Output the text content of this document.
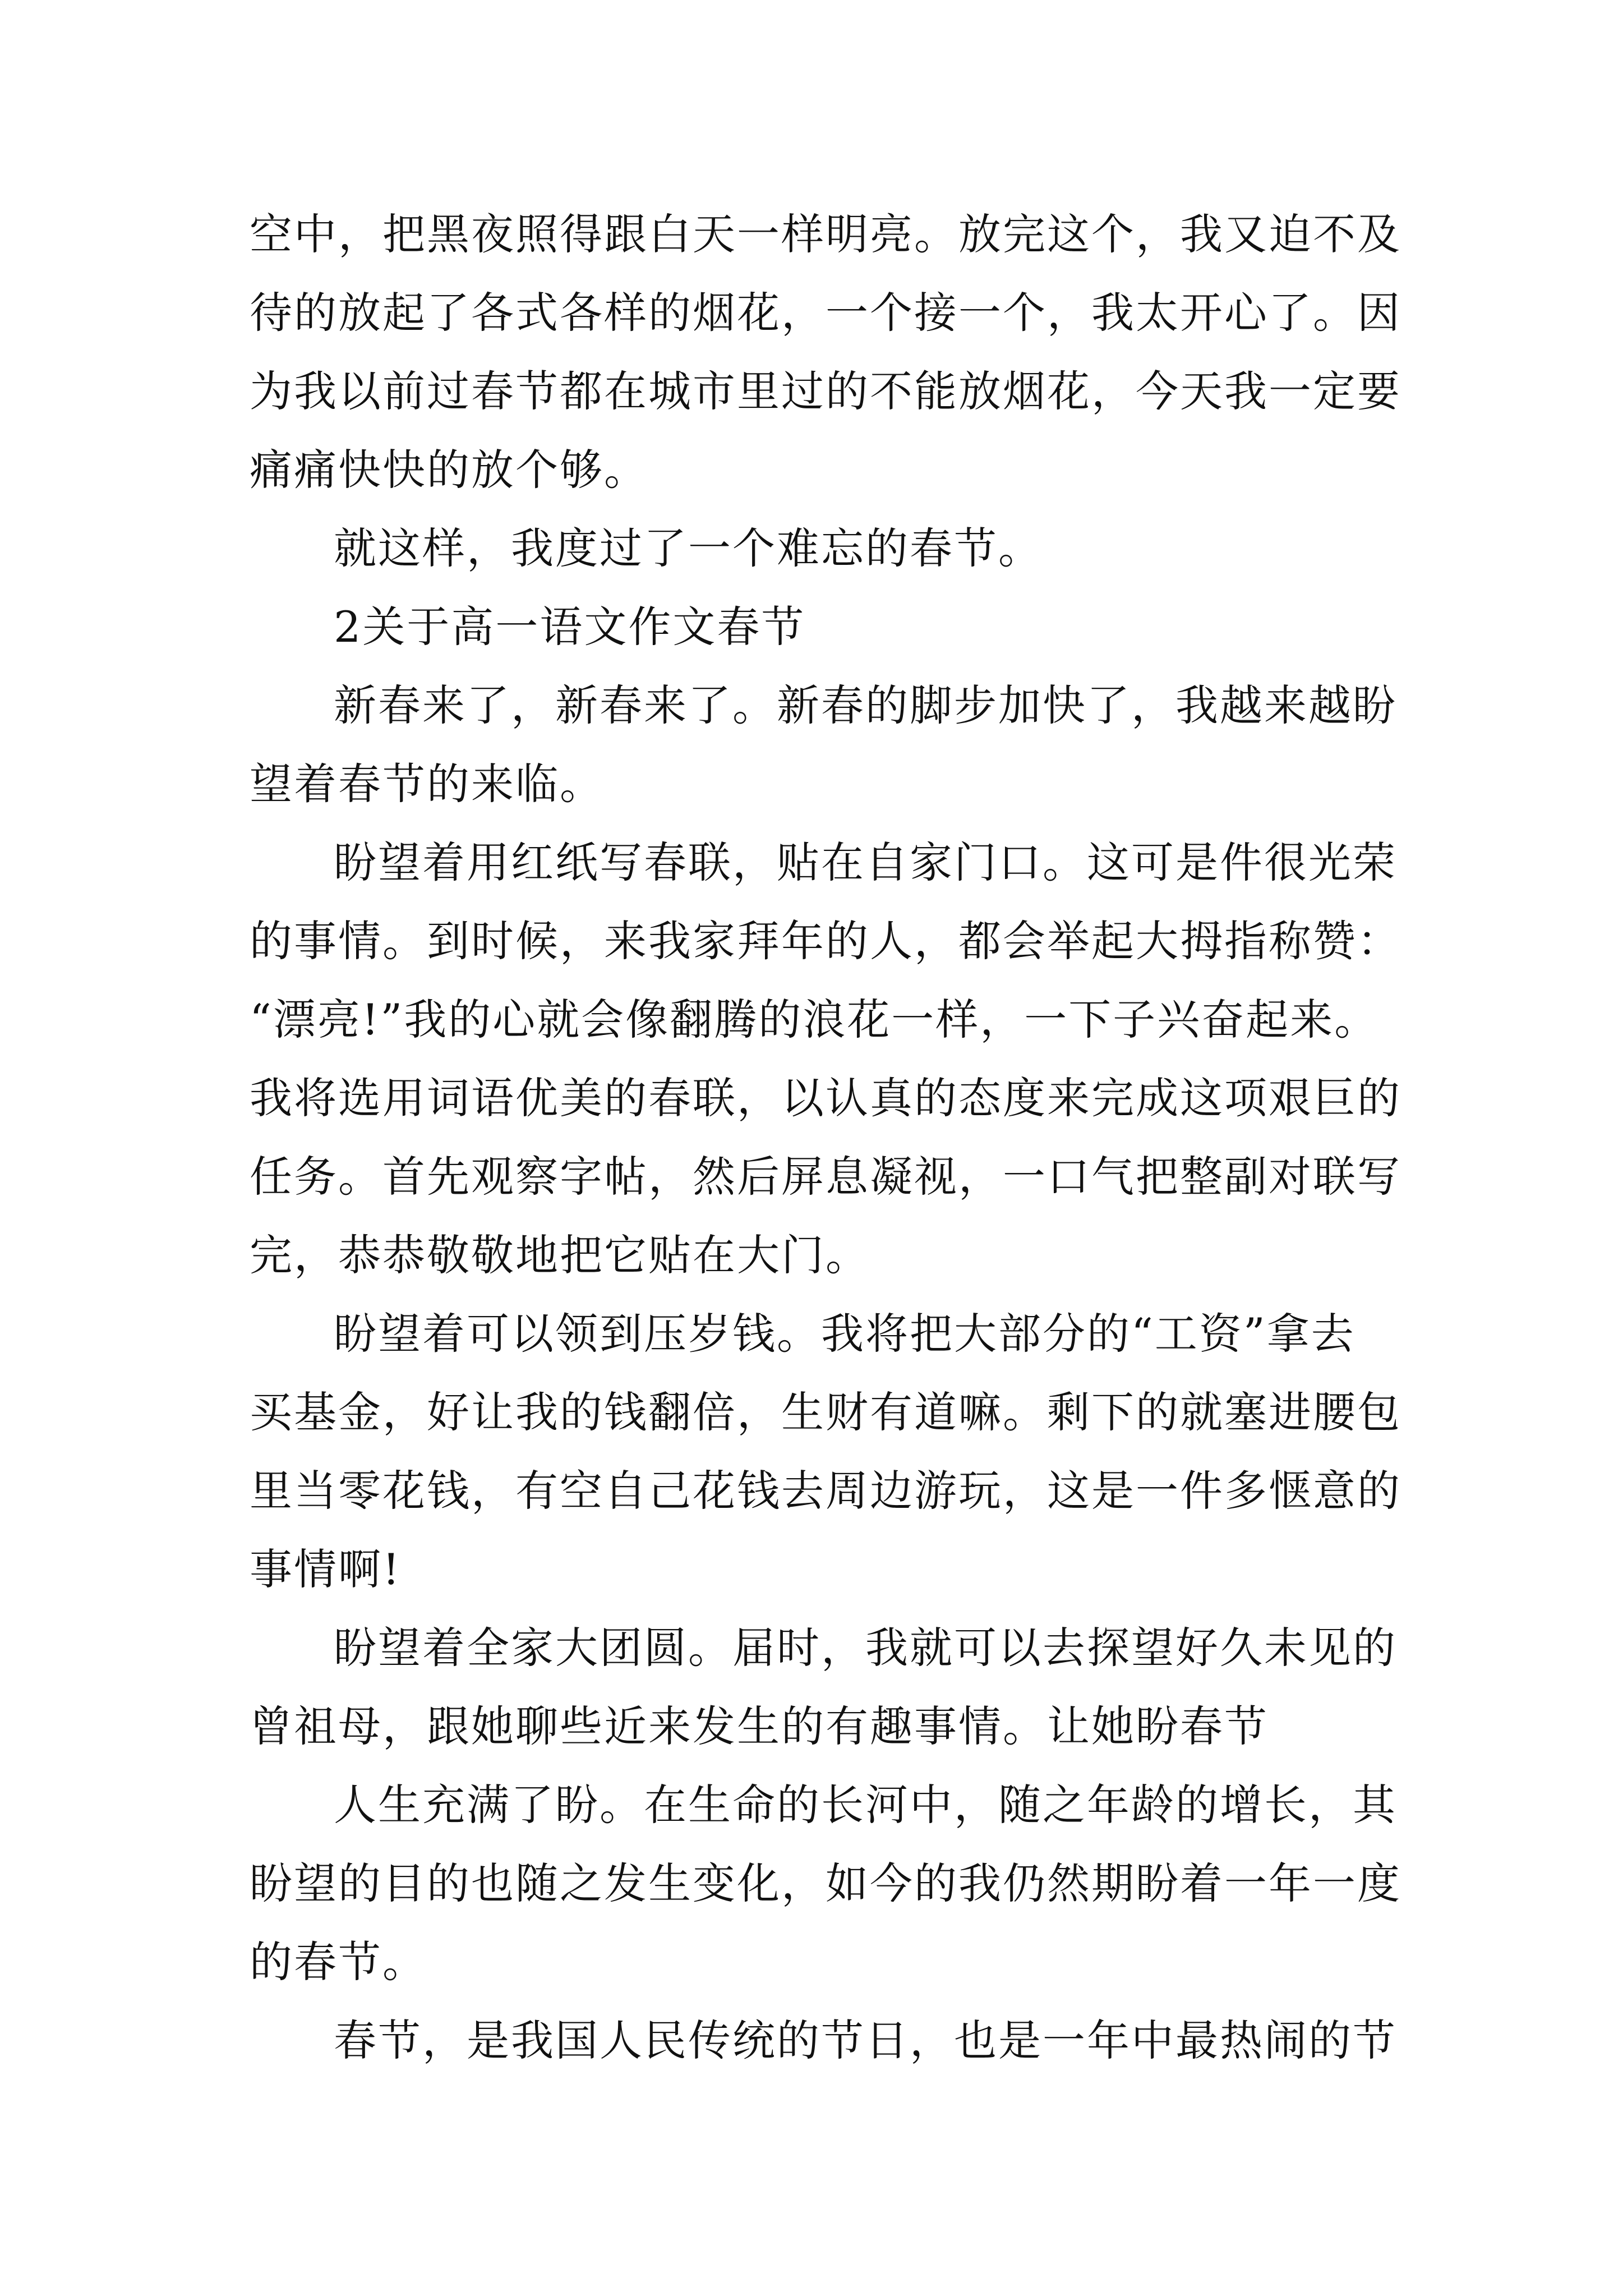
空中，把黑夜照得跟白天一样明亮。放完这个，我又迫不及
待的放起了各式各样的烟花，一个接一个，我太开心了。因
为我以前过春节都在城市里过的不能放烟花，今天我一定要
痛痛快快的放个够。
就这样，我度过了一个难忘的春节。
2关于高一语文作文春节
新春来了，新春来了。新春的脚步加快了，我越来越盼
望着春节的来临。
盼望着用红纸写春联，贴在自家门口。这可是件很光荣
的事情。到时候，来我家拜年的人，都会举起大拇指称赞：
“漂亮!”我的心就会像翻腾的浪花一样，一下子兴奋起来。
我将选用词语优美的春联，以认真的态度来完成这项艰巨的
任务。首先观察字帖，然后屏息凝视，一口气把整副对联写
完，恭恭敬敬地把它贴在大门。
盼望着可以领到压岁钱。我将把大部分的“工资”拿去
买基金，好让我的钱翻倍，生财有道嘛。剩下的就塞进腰包
里当零花钱，有空自己花钱去周边游玩，这是一件多惬意的
事情啊!
盼望着全家大团圆。届时，我就可以去探望好久未见的
曾祖母，跟她聊些近来发生的有趣事情。让她盼春节
人生充满了盼。在生命的长河中，随之年龄的增长，其
盼望的目的也随之发生变化，如今的我仍然期盼着一年一度
的春节。
春节，是我国人民传统的节日，也是一年中最热闹的节
